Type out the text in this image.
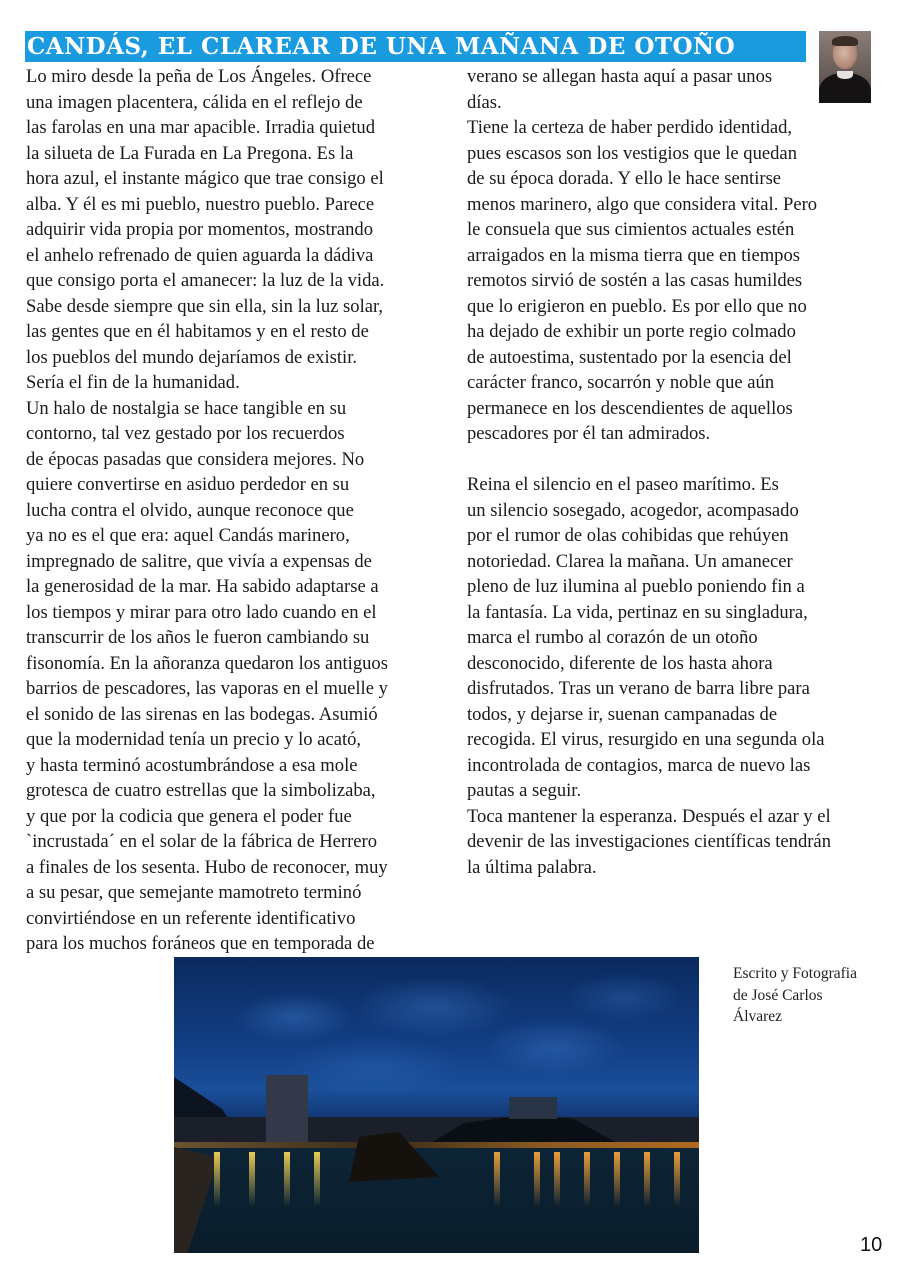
CANDÁS, EL CLAREAR DE UNA MAÑANA DE OTOÑO
Lo miro desde la peña de Los Ángeles. Ofrece
una imagen placentera, cálida en el reflejo de
las farolas en una mar apacible. Irradia quietud
la silueta de La Furada en La Pregona. Es la
hora azul, el instante mágico que trae consigo el
alba. Y él es mi pueblo, nuestro pueblo. Parece
adquirir vida propia por momentos, mostrando
el anhelo refrenado de quien aguarda la dádiva
que consigo porta el amanecer: la luz de la vida.
Sabe desde siempre que sin ella, sin la luz solar,
las gentes que en él habitamos y en el resto de
los pueblos del mundo dejaríamos de existir.
Sería el fin de la humanidad.
Un halo de nostalgia se hace tangible en su
contorno, tal vez gestado por los recuerdos
de épocas pasadas que considera mejores. No
quiere convertirse en asiduo perdedor en su
lucha contra el olvido, aunque reconoce que
ya no es el que era: aquel Candás marinero,
impregnado de salitre, que vivía a expensas de
la generosidad de la mar. Ha sabido adaptarse a
los tiempos y mirar para otro lado cuando en el
transcurrir de los años le fueron cambiando su
fisonomía. En la añoranza quedaron los antiguos
barrios de pescadores, las vaporas en el muelle y
el sonido de las sirenas en las bodegas. Asumió
que la modernidad tenía un precio y lo acató,
y hasta terminó acostumbrándose a esa mole
grotesca de cuatro estrellas que la simbolizaba,
y que por la codicia que genera el poder fue
`incrustada´ en el solar de la fábrica de Herrero
a finales de los sesenta. Hubo de reconocer, muy
a su pesar, que semejante mamotreto terminó
convirtiéndose en un referente identificativo
para los muchos foráneos que en temporada de
verano se allegan hasta aquí a pasar unos
días.
Tiene la certeza de haber perdido identidad,
pues escasos son los vestigios que le quedan
de su época dorada. Y ello le hace sentirse
menos marinero, algo que considera vital. Pero
le consuela que sus cimientos actuales estén
arraigados en la misma tierra que en tiempos
remotos sirvió de sostén a las casas humildes
que lo erigieron en pueblo. Es por ello que no
ha dejado de exhibir un porte regio colmado
de autoestima, sustentado por la esencia del
carácter franco, socarrón y noble que aún
permanece en los descendientes de aquellos
pescadores por él tan admirados.
Reina el silencio en el paseo marítimo. Es
un silencio sosegado, acogedor, acompasado
por el rumor de olas cohibidas que rehúyen
notoriedad. Clarea la mañana. Un amanecer
pleno de luz ilumina al pueblo poniendo fin a
la fantasía. La vida, pertinaz en su singladura,
marca el rumbo al corazón de un otoño
desconocido, diferente de los hasta ahora
disfrutados. Tras un verano de barra libre para
todos, y dejarse ir, suenan campanadas de
recogida. El virus, resurgido en una segunda ola
incontrolada de contagios, marca de nuevo las
pautas a seguir.
Toca mantener la esperanza. Después el azar y el
devenir de las investigaciones científicas tendrán
la última palabra.
Escrito y Fotografia
de José Carlos
Álvarez
10
